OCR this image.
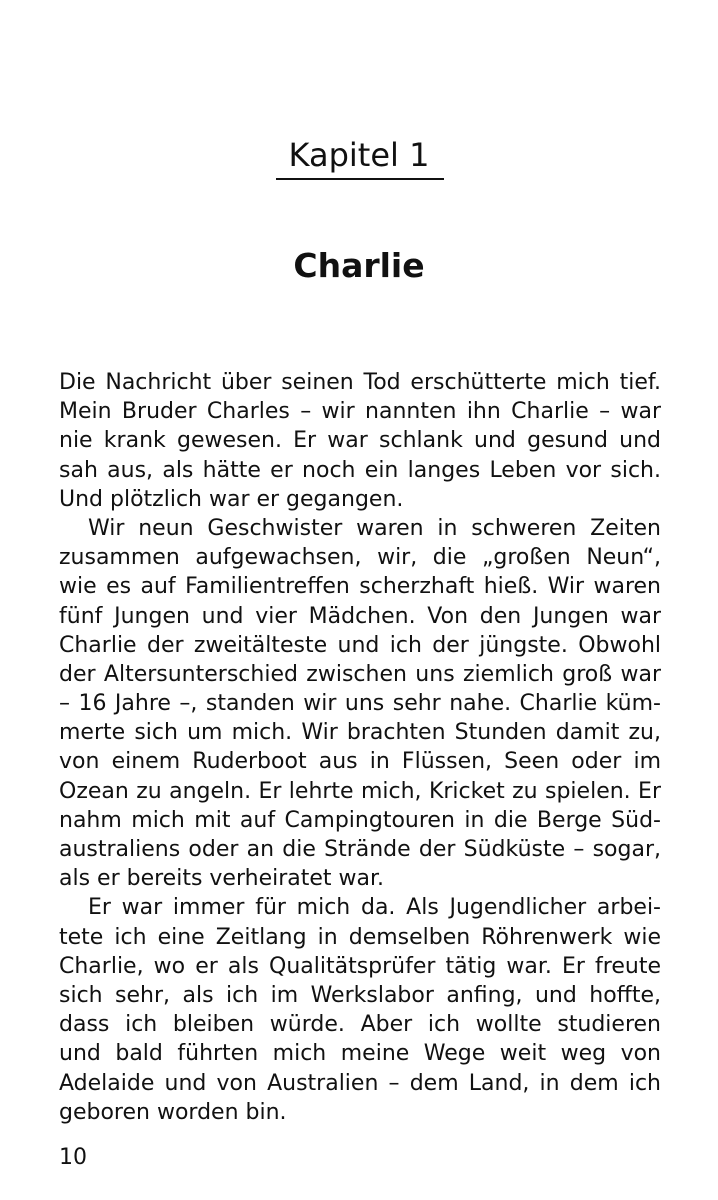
Kapitel 1
Charlie
Die Nachricht über seinen Tod erschütterte mich tief.
Mein Bruder Charles – wir nannten ihn Charlie – war
nie krank gewesen. Er war schlank und gesund und
sah aus, als hätte er noch ein langes Leben vor sich.
Und plötzlich war er gegangen.
Wir neun Geschwister waren in schweren Zeiten
zusammen aufgewachsen, wir, die „großen Neun“,
wie es auf Familientreffen scherzhaft hieß. Wir waren
fünf Jungen und vier Mädchen. Von den Jungen war
Charlie der zweitälteste und ich der jüngste. Obwohl
der Altersunterschied zwischen uns ziemlich groß war
– 16 Jahre –, standen wir uns sehr nahe. Charlie küm-
merte sich um mich. Wir brachten Stunden damit zu,
von einem Ruderboot aus in Flüssen, Seen oder im
Ozean zu angeln. Er lehrte mich, Kricket zu spielen. Er
nahm mich mit auf Campingtouren in die Berge Süd-
australiens oder an die Strände der Südküste – sogar,
als er bereits verheiratet war.
Er war immer für mich da. Als Jugendlicher arbei-
tete ich eine Zeitlang in demselben Röhrenwerk wie
Charlie, wo er als Qualitätsprüfer tätig war. Er freute
sich sehr, als ich im Werkslabor anfing, und hoffte,
dass ich bleiben würde. Aber ich wollte studieren
und bald führten mich meine Wege weit weg von
Adelaide und von Australien – dem Land, in dem ich
geboren worden bin.
10
